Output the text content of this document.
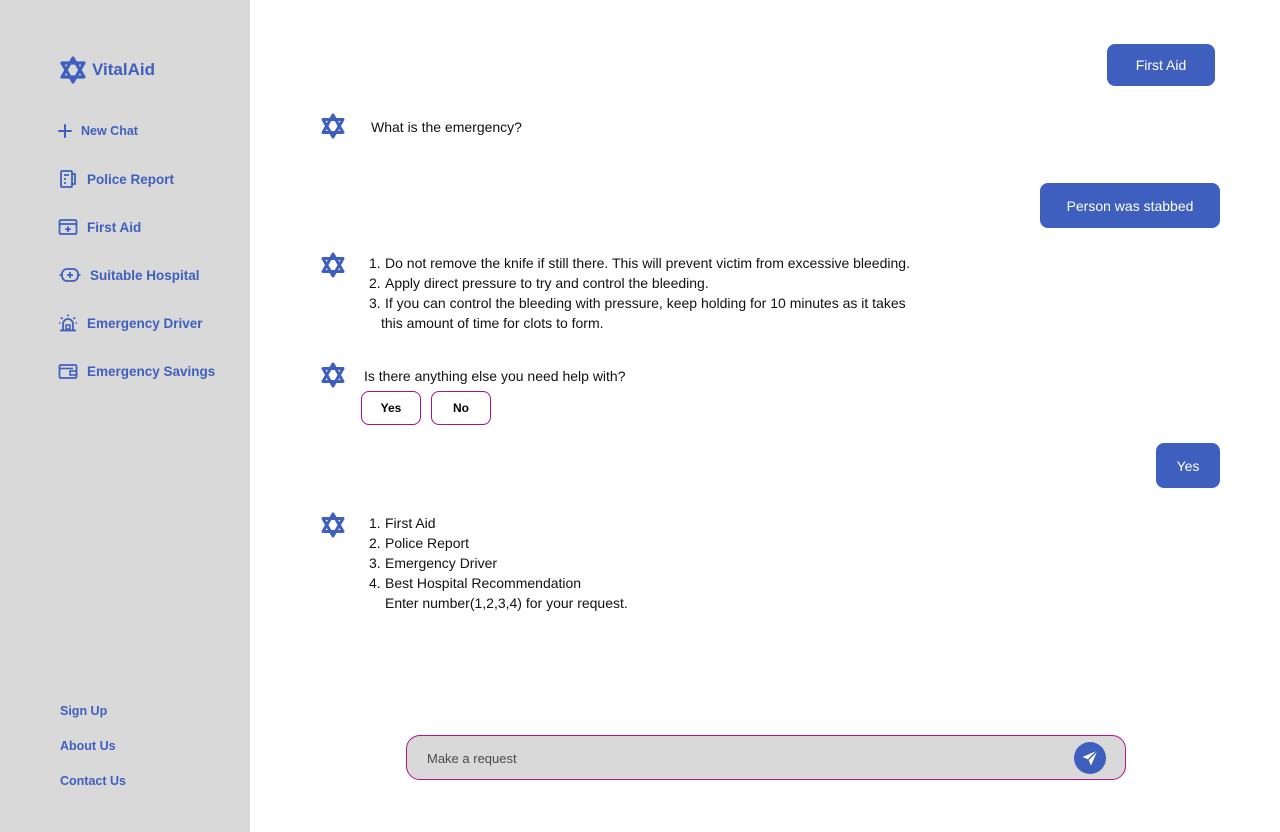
VitalAid
New Chat
Police Report
First Aid
Suitable Hospital
Emergency Driver
Emergency Savings
Sign Up
About Us
Contact Us
First Aid
What is the emergency?
Person was stabbed
1. Do not remove the knife if still there. This will prevent victim from excessive bleeding.
2. Apply direct pressure to try and control the bleeding.
3. If you can control the bleeding with pressure, keep holding for 10 minutes as it takes
this amount of time for clots to form.
Is there anything else you need help with?
Yes	No
Yes
1. First Aid
2. Police Report
3. Emergency Driver
4. Best Hospital Recommendation
Enter number(1,2,3,4) for your request.
Make a request
